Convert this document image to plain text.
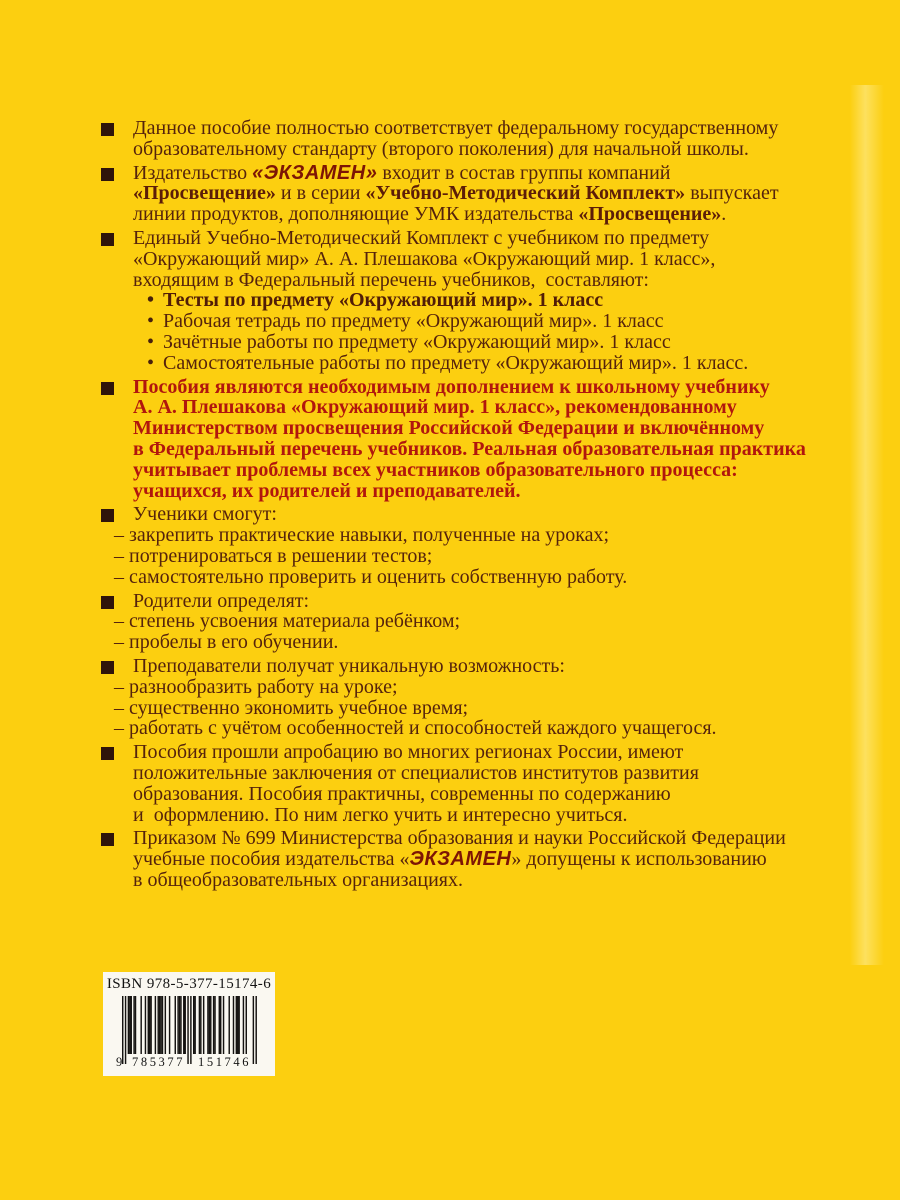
Данное пособие полностью соответствует федеральному государственному
образовательному стандарту (второго поколения) для начальной школы.
Издательство «ЭКЗАМЕН» входит в состав группы компаний
«Просвещение» и в серии «Учебно-Методический Комплект» выпускает
линии продуктов, дополняющие УМК издательства «Просвещение».
Единый Учебно-Методический Комплект с учебником по предмету
«Окружающий мир» А. А. Плешакова «Окружающий мир. 1 класс»,
входящим в Федеральный перечень учебников,  составляют:
• Тесты по предмету «Окружающий мир». 1 класс
• Рабочая тетрадь по предмету «Окружающий мир». 1 класс
• Зачётные работы по предмету «Окружающий мир». 1 класс
• Самостоятельные работы по предмету «Окружающий мир». 1 класс.
Пособия являются необходимым дополнением к школьному учебнику
А. А. Плешакова «Окружающий мир. 1 класс», рекомендованному
Министерством просвещения Российской Федерации и включённому
в Федеральный перечень учебников. Реальная образовательная практика
учитывает проблемы всех участников образовательного процесса:
учащихся, их родителей и преподавателей.
Ученики смогут:
– закрепить практические навыки, полученные на уроках;
– потренироваться в решении тестов;
– самостоятельно проверить и оценить собственную работу.
Родители определят:
– степень усвоения материала ребёнком;
– пробелы в его обучении.
Преподаватели получат уникальную возможность:
– разнообразить работу на уроке;
– существенно экономить учебное время;
– работать с учётом особенностей и способностей каждого учащегося.
Пособия прошли апробацию во многих регионах России, имеют
положительные заключения от специалистов институтов развития
образования. Пособия практичны, современны по содержанию
и  оформлению. По ним легко учить и интересно учиться.
Приказом № 699 Министерства образования и науки Российской Федерации
учебные пособия издательства «ЭКЗАМЕН» допущены к использованию
в общеобразовательных организациях.
ISBN 978-5-377-15174-6
9 785377 151746
